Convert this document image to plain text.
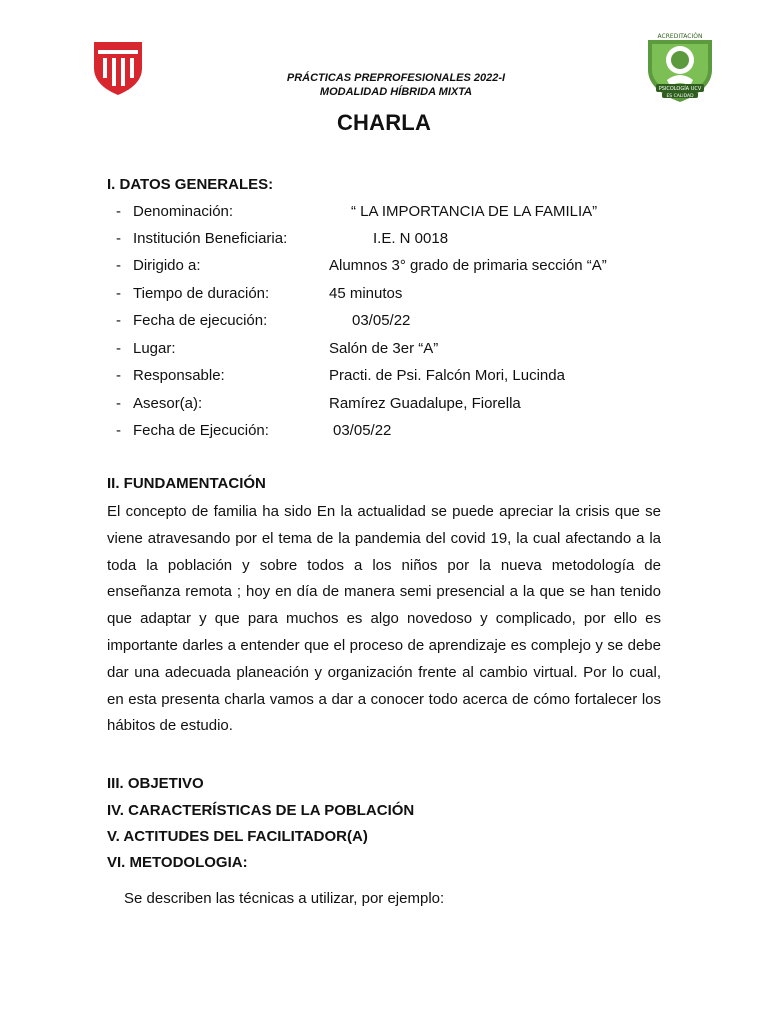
PRÁCTICAS PREPROFESIONALES 2022-I
MODALIDAD HÍBRIDA MIXTA
ACREDITACIÓN
PSICOLOGÍA UCV
ES CALIDAD
CHARLA
I. DATOS GENERALES:
- Denominación:	“ LA IMPORTANCIA DE LA FAMILIA”
- Institución Beneficiaria:	I.E. N 0018
- Dirigido a:	Alumnos 3° grado de primaria sección “A”
- Tiempo de duración:	45 minutos
- Fecha de ejecución:	03/05/22
- Lugar:	Salón de 3er “A”
- Responsable:	Practi. de Psi. Falcón Mori, Lucinda
- Asesor(a):	Ramírez Guadalupe, Fiorella
- Fecha de Ejecución:	03/05/22
II. FUNDAMENTACIÓN
El concepto de familia ha sido En la actualidad se puede apreciar la crisis que se viene atravesando por el tema de la pandemia del covid 19, la cual afectando a la toda la población y sobre todos a los niños por la nueva metodología de enseñanza remota ; hoy en día de manera semi presencial a la que se han tenido que adaptar y que para muchos es algo novedoso y complicado, por ello es importante darles a entender que el proceso de aprendizaje es complejo y se debe dar una adecuada planeación y organización frente al cambio virtual. Por lo cual, en esta presenta charla vamos a dar a conocer todo acerca de cómo fortalecer los hábitos de estudio.
III. OBJETIVO
IV. CARACTERÍSTICAS DE LA POBLACIÓN
V. ACTITUDES DEL FACILITADOR(A)
VI. METODOLOGIA:
Se describen las técnicas a utilizar, por ejemplo:
